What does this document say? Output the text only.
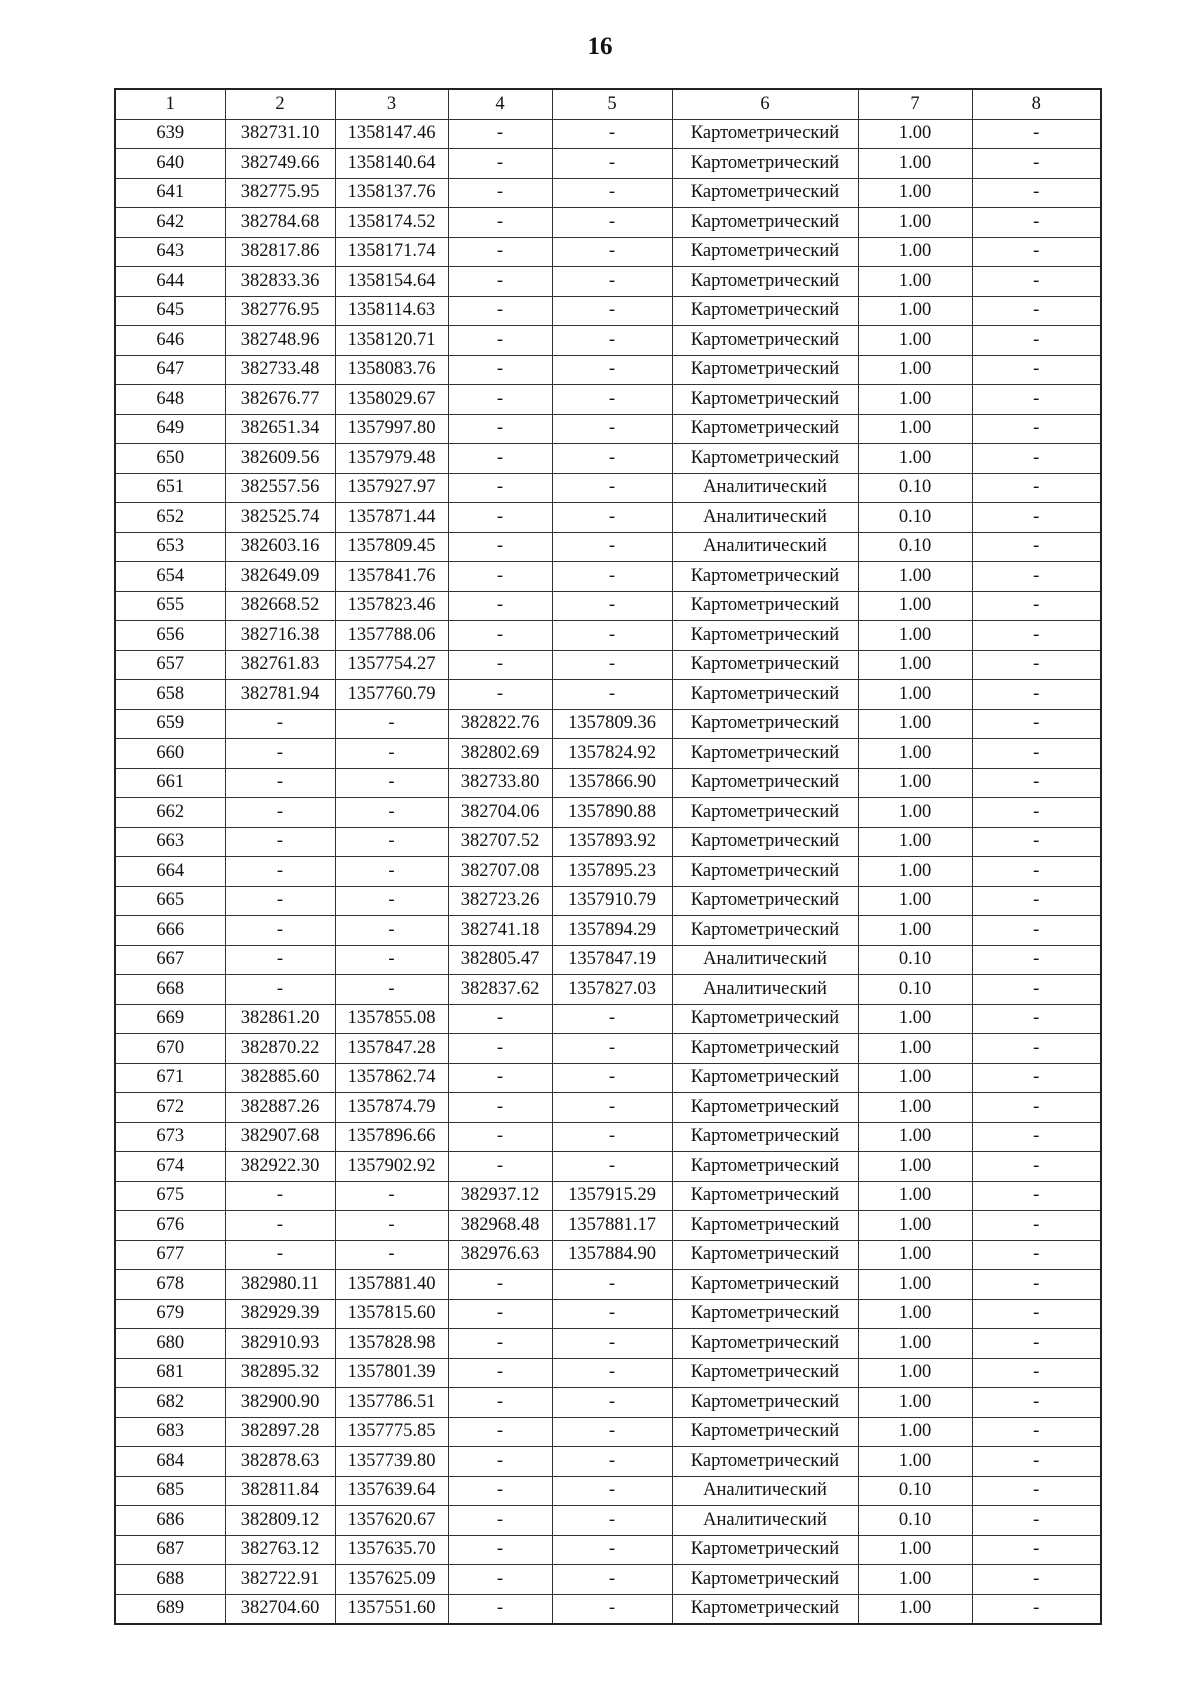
16
1	2	3	4	5	6	7	8
639	382731.10	1358147.46	-	-	Картометрический	1.00	-
640	382749.66	1358140.64	-	-	Картометрический	1.00	-
641	382775.95	1358137.76	-	-	Картометрический	1.00	-
642	382784.68	1358174.52	-	-	Картометрический	1.00	-
643	382817.86	1358171.74	-	-	Картометрический	1.00	-
644	382833.36	1358154.64	-	-	Картометрический	1.00	-
645	382776.95	1358114.63	-	-	Картометрический	1.00	-
646	382748.96	1358120.71	-	-	Картометрический	1.00	-
647	382733.48	1358083.76	-	-	Картометрический	1.00	-
648	382676.77	1358029.67	-	-	Картометрический	1.00	-
649	382651.34	1357997.80	-	-	Картометрический	1.00	-
650	382609.56	1357979.48	-	-	Картометрический	1.00	-
651	382557.56	1357927.97	-	-	Аналитический	0.10	-
652	382525.74	1357871.44	-	-	Аналитический	0.10	-
653	382603.16	1357809.45	-	-	Аналитический	0.10	-
654	382649.09	1357841.76	-	-	Картометрический	1.00	-
655	382668.52	1357823.46	-	-	Картометрический	1.00	-
656	382716.38	1357788.06	-	-	Картометрический	1.00	-
657	382761.83	1357754.27	-	-	Картометрический	1.00	-
658	382781.94	1357760.79	-	-	Картометрический	1.00	-
659	-	-	382822.76	1357809.36	Картометрический	1.00	-
660	-	-	382802.69	1357824.92	Картометрический	1.00	-
661	-	-	382733.80	1357866.90	Картометрический	1.00	-
662	-	-	382704.06	1357890.88	Картометрический	1.00	-
663	-	-	382707.52	1357893.92	Картометрический	1.00	-
664	-	-	382707.08	1357895.23	Картометрический	1.00	-
665	-	-	382723.26	1357910.79	Картометрический	1.00	-
666	-	-	382741.18	1357894.29	Картометрический	1.00	-
667	-	-	382805.47	1357847.19	Аналитический	0.10	-
668	-	-	382837.62	1357827.03	Аналитический	0.10	-
669	382861.20	1357855.08	-	-	Картометрический	1.00	-
670	382870.22	1357847.28	-	-	Картометрический	1.00	-
671	382885.60	1357862.74	-	-	Картометрический	1.00	-
672	382887.26	1357874.79	-	-	Картометрический	1.00	-
673	382907.68	1357896.66	-	-	Картометрический	1.00	-
674	382922.30	1357902.92	-	-	Картометрический	1.00	-
675	-	-	382937.12	1357915.29	Картометрический	1.00	-
676	-	-	382968.48	1357881.17	Картометрический	1.00	-
677	-	-	382976.63	1357884.90	Картометрический	1.00	-
678	382980.11	1357881.40	-	-	Картометрический	1.00	-
679	382929.39	1357815.60	-	-	Картометрический	1.00	-
680	382910.93	1357828.98	-	-	Картометрический	1.00	-
681	382895.32	1357801.39	-	-	Картометрический	1.00	-
682	382900.90	1357786.51	-	-	Картометрический	1.00	-
683	382897.28	1357775.85	-	-	Картометрический	1.00	-
684	382878.63	1357739.80	-	-	Картометрический	1.00	-
685	382811.84	1357639.64	-	-	Аналитический	0.10	-
686	382809.12	1357620.67	-	-	Аналитический	0.10	-
687	382763.12	1357635.70	-	-	Картометрический	1.00	-
688	382722.91	1357625.09	-	-	Картометрический	1.00	-
689	382704.60	1357551.60	-	-	Картометрический	1.00	-
